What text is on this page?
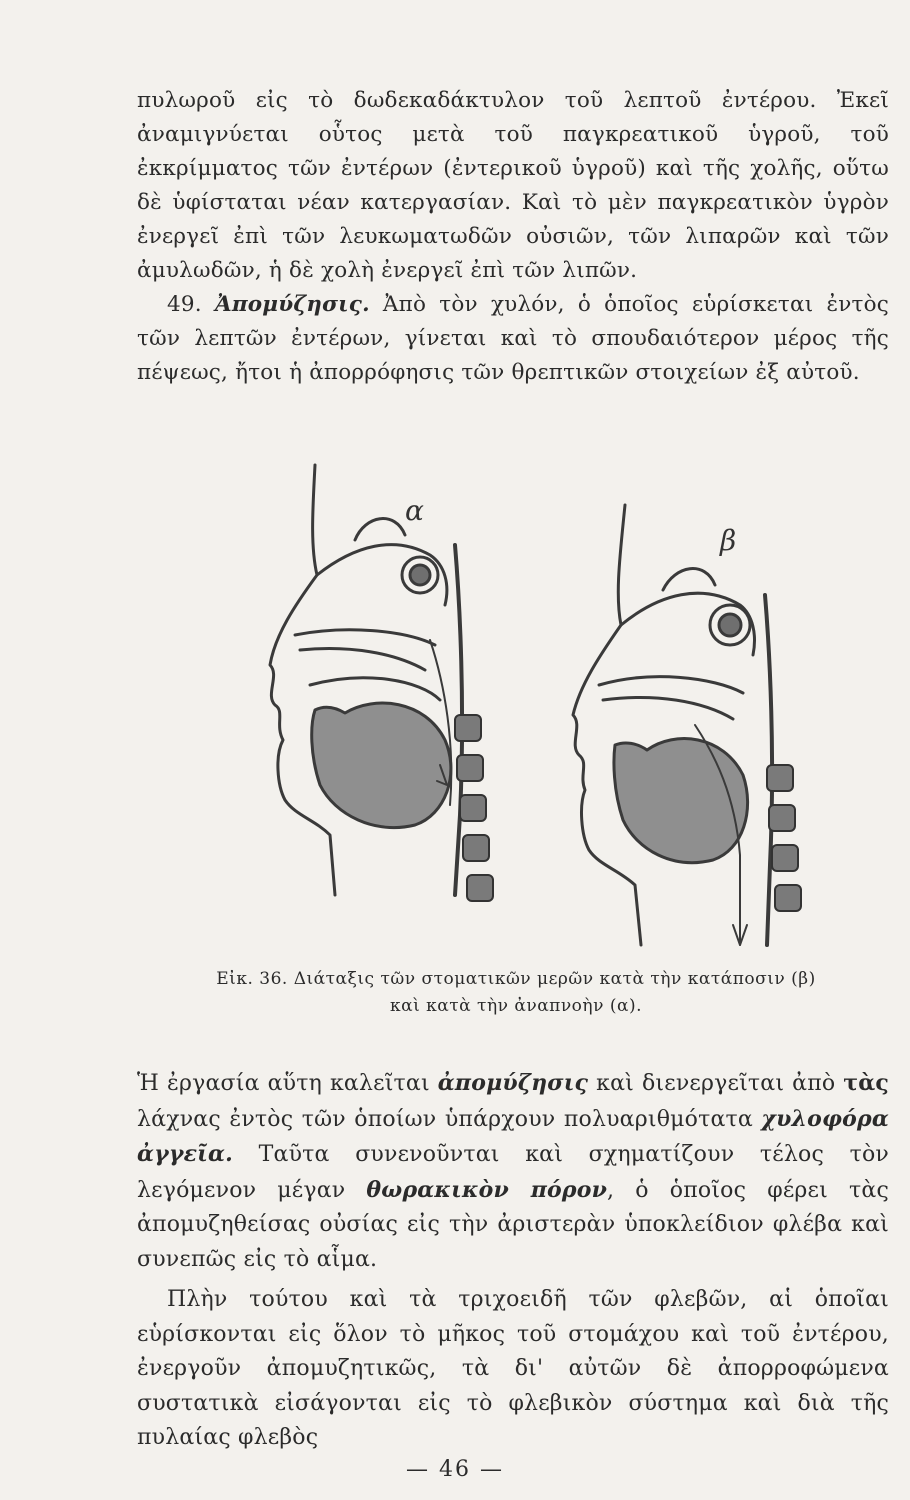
πυλωροῦ εἰς τὸ δωδεκαδάκτυλον τοῦ λεπτοῦ ἐντέρου. Ἐκεῖ ἀναμιγνύεται οὗτος μετὰ τοῦ παγκρεατικοῦ ὑγροῦ, τοῦ ἐκκρίμματος τῶν ἐντέρων (ἐντερικοῦ ὑγροῦ) καὶ τῆς χολῆς, οὕτω δὲ ὑφίσταται νέαν κατεργασίαν. Καὶ τὸ μὲν παγκρεατικὸν ὑγρὸν ἐνεργεῖ ἐπὶ τῶν λευκωματωδῶν οὐσιῶν, τῶν λιπαρῶν καὶ τῶν ἀμυλωδῶν, ἡ δὲ χολὴ ἐνεργεῖ ἐπὶ τῶν λιπῶν.

49. Ἀπομύζησις. Ἀπὸ τὸν χυλόν, ὁ ὁποῖος εὑρίσκεται ἐντὸς τῶν λεπτῶν ἐντέρων, γίνεται καὶ τὸ σπουδαιότερον μέρος τῆς πέψεως, ἤτοι ἡ ἀπορρόφησις τῶν θρεπτικῶν στοιχείων ἐξ αὐτοῦ.

α
β
Εἰκ. 36. Διάταξις τῶν στοματικῶν μερῶν κατὰ τὴν κατάποσιν (β)
καὶ κατὰ τὴν ἀναπνοὴν (α).

Ἡ ἐργασία αὕτη καλεῖται ἀπομύζησις καὶ διενεργεῖται ἀπὸ τὰς λάχνας ἐντὸς τῶν ὁποίων ὑπάρχουν πολυαριθμότατα χυλοφόρα ἀγγεῖα. Ταῦτα συνενοῦνται καὶ σχηματίζουν τέλος τὸν λεγόμενον μέγαν θωρακικὸν πόρον, ὁ ὁποῖος φέρει τὰς ἀπομυζηθείσας οὐσίας εἰς τὴν ἀριστερὰν ὑποκλείδιον φλέβα καὶ συνεπῶς εἰς τὸ αἷμα.

Πλὴν τούτου καὶ τὰ τριχοειδῆ τῶν φλεβῶν, αἱ ὁποῖαι εὑρίσκονται εἰς ὅλον τὸ μῆκος τοῦ στομάχου καὶ τοῦ ἐντέρου, ἐνεργοῦν ἀπομυζητικῶς, τὰ δι' αὐτῶν δὲ ἀπορροφώμενα συστατικὰ εἰσάγονται εἰς τὸ φλεβικὸν σύστημα καὶ διὰ τῆς πυλαίας φλεβὸς

— 46 —
